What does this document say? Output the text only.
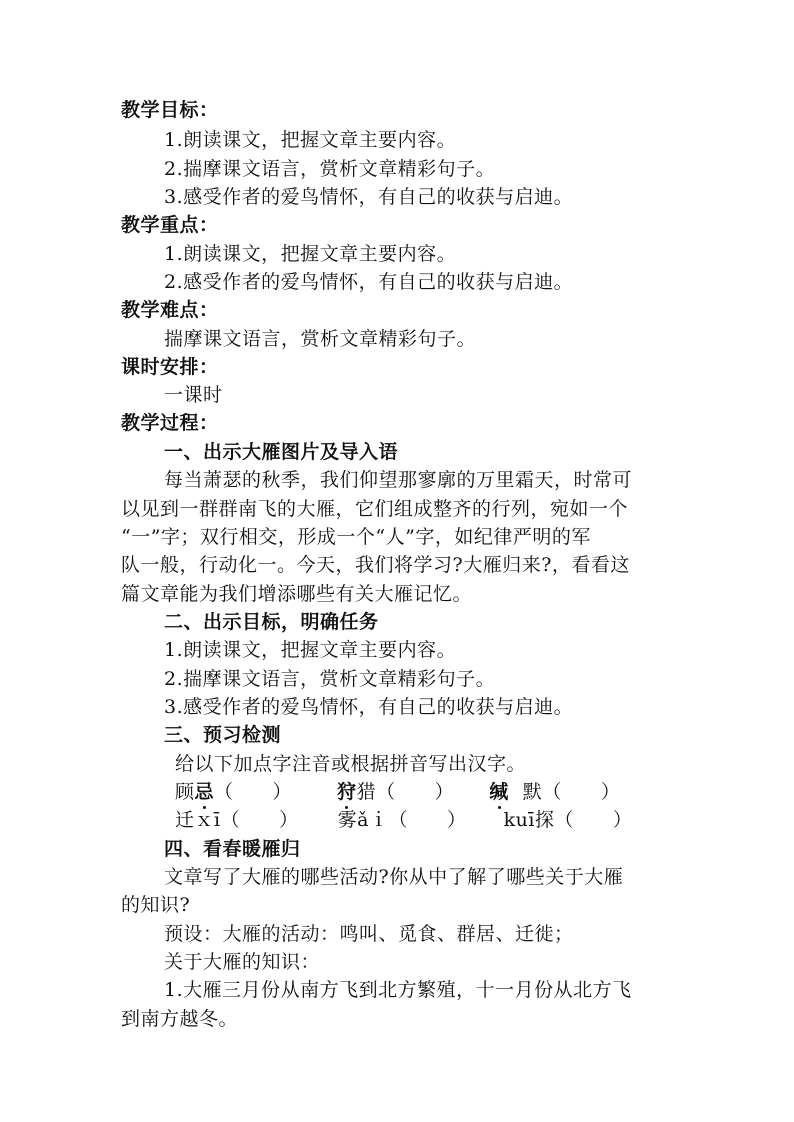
教学目标：
1.朗读课文，把握文章主要内容。
2.揣摩课文语言，赏析文章精彩句子。
3.感受作者的爱鸟情怀，有自己的收获与启迪。
教学重点：
1.朗读课文，把握文章主要内容。
2.感受作者的爱鸟情怀，有自己的收获与启迪。
教学难点：
揣摩课文语言，赏析文章精彩句子。
课时安排：
一课时
教学过程：
一、出示大雁图片及导入语
每当萧瑟的秋季，我们仰望那寥廓的万里霜天，时常可
以见到一群群南飞的大雁，它们组成整齐的行列，宛如一个
“一”字；双行相交，形成一个“人”字，如纪律严明的军
队一般，行动化一。今天，我们将学习?大雁归来?，看看这
篇文章能为我们增添哪些有关大雁记忆。
二、出示目标，明确任务
1.朗读课文，把握文章主要内容。
2.揣摩课文语言，赏析文章精彩句子。
3.感受作者的爱鸟情怀，有自己的收获与启迪。
三、预习检测
给以下加点字注音或根据拼音写出汉字。
顾忌（　　） 狩猎（　　） 缄 默（　　）
迁ｘī（　　） 雾ǎｉ（　　） kuī探（　　）
四、看春暖雁归
文章写了大雁的哪些活动?你从中了解了哪些关于大雁
的知识?
预设：大雁的活动：鸣叫、觅食、群居、迁徙；
关于大雁的知识：
1.大雁三月份从南方飞到北方繁殖，十一月份从北方飞
到南方越冬。
